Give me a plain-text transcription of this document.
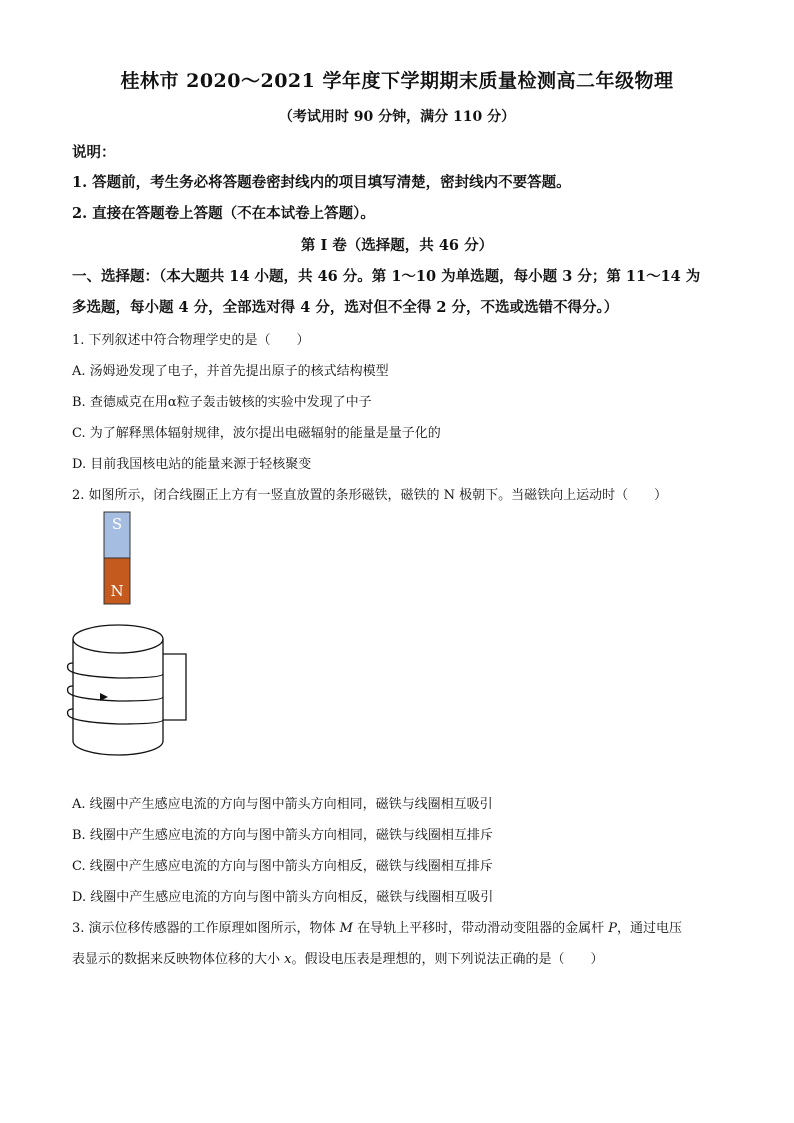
桂林市 2020～2021 学年度下学期期末质量检测高二年级物理
（考试用时 90 分钟，满分 110 分）
说明：
1. 答题前，考生务必将答题卷密封线内的项目填写清楚，密封线内不要答题。
2. 直接在答题卷上答题（不在本试卷上答题）。
第 I 卷（选择题，共 46 分）
一、选择题：（本大题共 14 小题，共 46 分。第 1～10 为单选题，每小题 3 分；第 11～14 为
多选题，每小题 4 分，全部选对得 4 分，选对但不全得 2 分，不选或选错不得分。）
1. 下列叙述中符合物理学史的是（　　）
A. 汤姆逊发现了电子，并首先提出原子的核式结构模型
B. 查德威克在用α粒子轰击铍核的实验中发现了中子
C. 为了解释黑体辐射规律，波尔提出电磁辐射的能量是量子化的
D. 目前我国核电站的能量来源于轻核聚变
2. 如图所示，闭合线圈正上方有一竖直放置的条形磁铁，磁铁的 N 极朝下。当磁铁向上运动时（　　）
S
N
A. 线圈中产生感应电流的方向与图中箭头方向相同，磁铁与线圈相互吸引
B. 线圈中产生感应电流的方向与图中箭头方向相同，磁铁与线圈相互排斥
C. 线圈中产生感应电流的方向与图中箭头方向相反，磁铁与线圈相互排斥
D. 线圈中产生感应电流的方向与图中箭头方向相反，磁铁与线圈相互吸引
3. 演示位移传感器的工作原理如图所示，物体 M 在导轨上平移时，带动滑动变阻器的金属杆 P，通过电压
表显示的数据来反映物体位移的大小 x。假设电压表是理想的，则下列说法正确的是（　　）
